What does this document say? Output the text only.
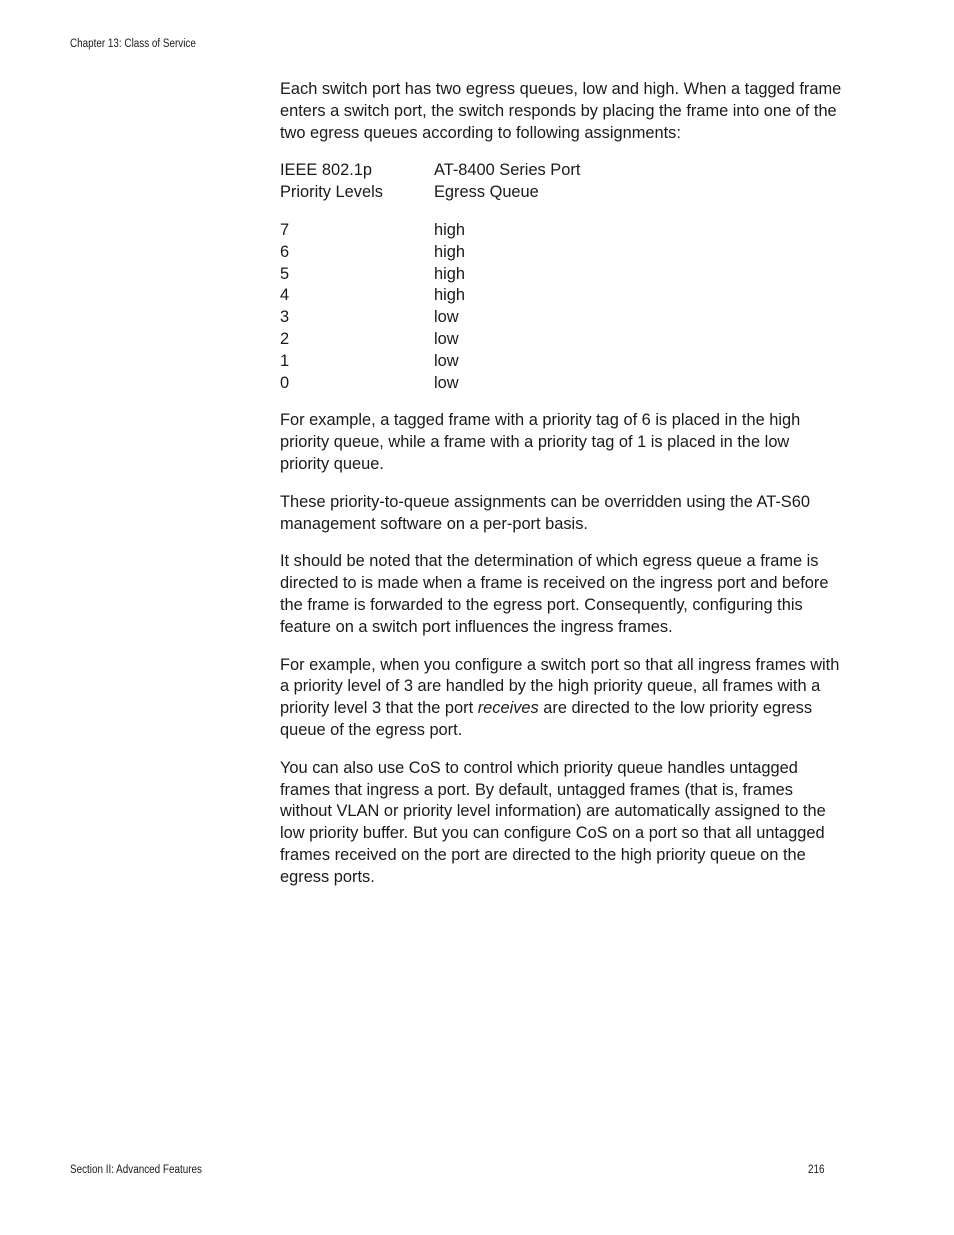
Chapter 13: Class of Service

Each switch port has two egress queues, low and high. When a tagged frame enters a switch port, the switch responds by placing the frame into one of the two egress queues according to following assignments:

IEEE 802.1p	AT-8400 Series Port
Priority Levels	Egress Queue
7	high
6	high
5	high
4	high
3	low
2	low
1	low
0	low

For example, a tagged frame with a priority tag of 6 is placed in the high priority queue, while a frame with a priority tag of 1 is placed in the low priority queue.

These priority-to-queue assignments can be overridden using the AT-S60 management software on a per-port basis.

It should be noted that the determination of which egress queue a frame is directed to is made when a frame is received on the ingress port and before the frame is forwarded to the egress port. Consequently, configuring this feature on a switch port influences the ingress frames.

For example, when you configure a switch port so that all ingress frames with a priority level of 3 are handled by the high priority queue, all frames with a priority level 3 that the port receives are directed to the low priority egress queue of the egress port.

You can also use CoS to control which priority queue handles untagged frames that ingress a port. By default, untagged frames (that is, frames without VLAN or priority level information) are automatically assigned to the low priority buffer. But you can configure CoS on a port so that all untagged frames received on the port are directed to the high priority queue on the egress ports.

Section II: Advanced Features	216
